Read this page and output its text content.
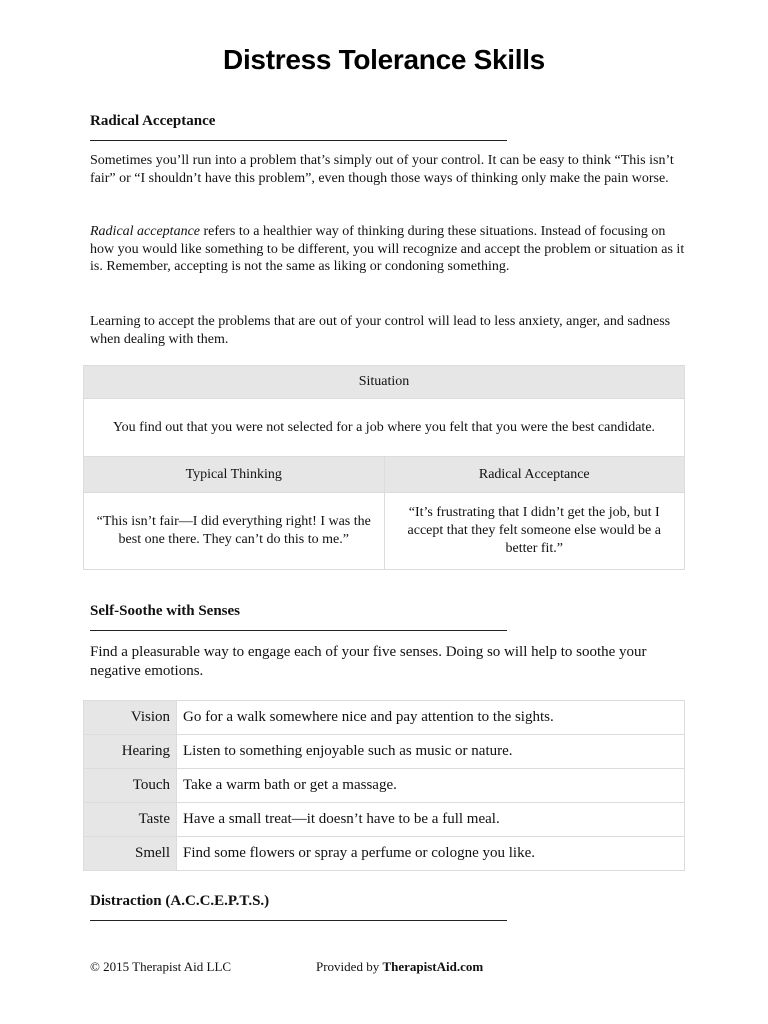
Distress Tolerance Skills
Radical Acceptance

Sometimes you’ll run into a problem that’s simply out of your control. It can be easy to think “This isn’t fair” or “I shouldn’t have this problem”, even though those ways of thinking only make the pain worse.

Radical acceptance refers to a healthier way of thinking during these situations. Instead of focusing on how you would like something to be different, you will recognize and accept the problem or situation as it is. Remember, accepting is not the same as liking or condoning something.

Learning to accept the problems that are out of your control will lead to less anxiety, anger, and sadness when dealing with them.

Situation	
You find out that you were not selected for a job where you felt that you were the best candidate.	
Typical Thinking	Radical Acceptance
“This isn’t fair—I did everything right! I was the best one there. They can’t do this to me.”	“It’s frustrating that I didn’t get the job, but I accept that they felt someone else would be a better fit.”
Self-Soothe with Senses

Find a pleasurable way to engage each of your five senses. Doing so will help to soothe your negative emotions.

Vision	Go for a walk somewhere nice and pay attention to the sights.
Hearing	Listen to something enjoyable such as music or nature.
Touch	Take a warm bath or get a massage.
Taste	Have a small treat—it doesn’t have to be a full meal.
Smell	Find some flowers or spray a perfume or cologne you like.
Distraction (A.C.C.E.P.T.S.)
© 2015 Therapist Aid LLC	Provided by TherapistAid.com
